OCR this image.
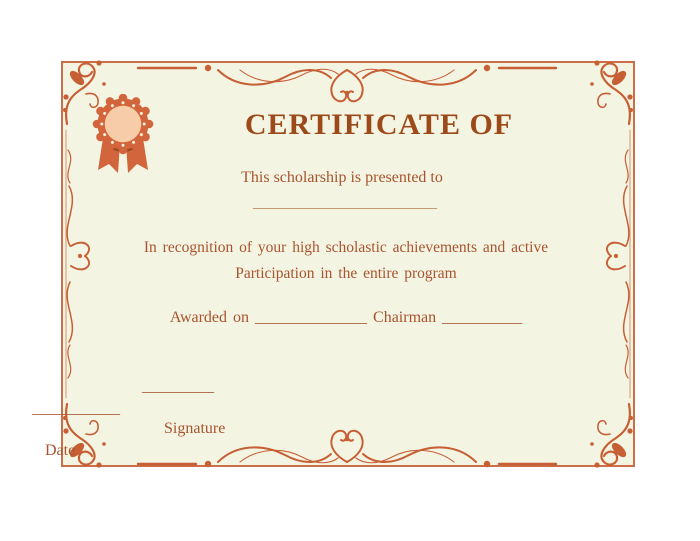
CERTIFICATE OF
This scholarship is presented to
_______________________
In recognition of your high scholastic achievements and active
Participation in the entire program
Awarded on ______________ Chairman __________
_________
Signature
___________
Date
